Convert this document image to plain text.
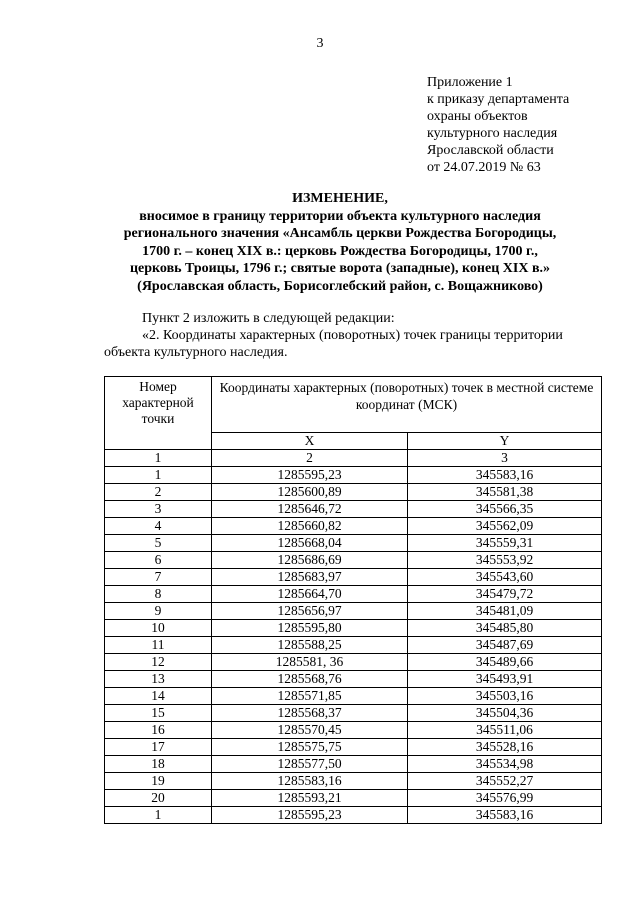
3
Приложение 1
к приказу департамента
охраны объектов
культурного наследия
Ярославской области
от 24.07.2019 № 63
ИЗМЕНЕНИЕ,
вносимое в границу территории объекта культурного наследия
регионального значения «Ансамбль церкви Рождества Богородицы,
1700 г. – конец XIX в.: церковь Рождества Богородицы, 1700 г.,
церковь Троицы, 1796 г.; святые ворота (западные), конец XIX в.»
(Ярославская область, Борисоглебский район, с. Вощажниково)
Пункт 2 изложить в следующей редакции:
«2. Координаты характерных (поворотных) точек границы территории
объекта культурного наследия.
Номер характерной точки	Координаты характерных (поворотных) точек в местной системе координат (МСК)	
	X	Y
1	2	3
1	1285595,23	345583,16
2	1285600,89	345581,38
3	1285646,72	345566,35
4	1285660,82	345562,09
5	1285668,04	345559,31
6	1285686,69	345553,92
7	1285683,97	345543,60
8	1285664,70	345479,72
9	1285656,97	345481,09
10	1285595,80	345485,80
11	1285588,25	345487,69
12	1285581, 36	345489,66
13	1285568,76	345493,91
14	1285571,85	345503,16
15	1285568,37	345504,36
16	1285570,45	345511,06
17	1285575,75	345528,16
18	1285577,50	345534,98
19	1285583,16	345552,27
20	1285593,21	345576,99
1	1285595,23	345583,16
